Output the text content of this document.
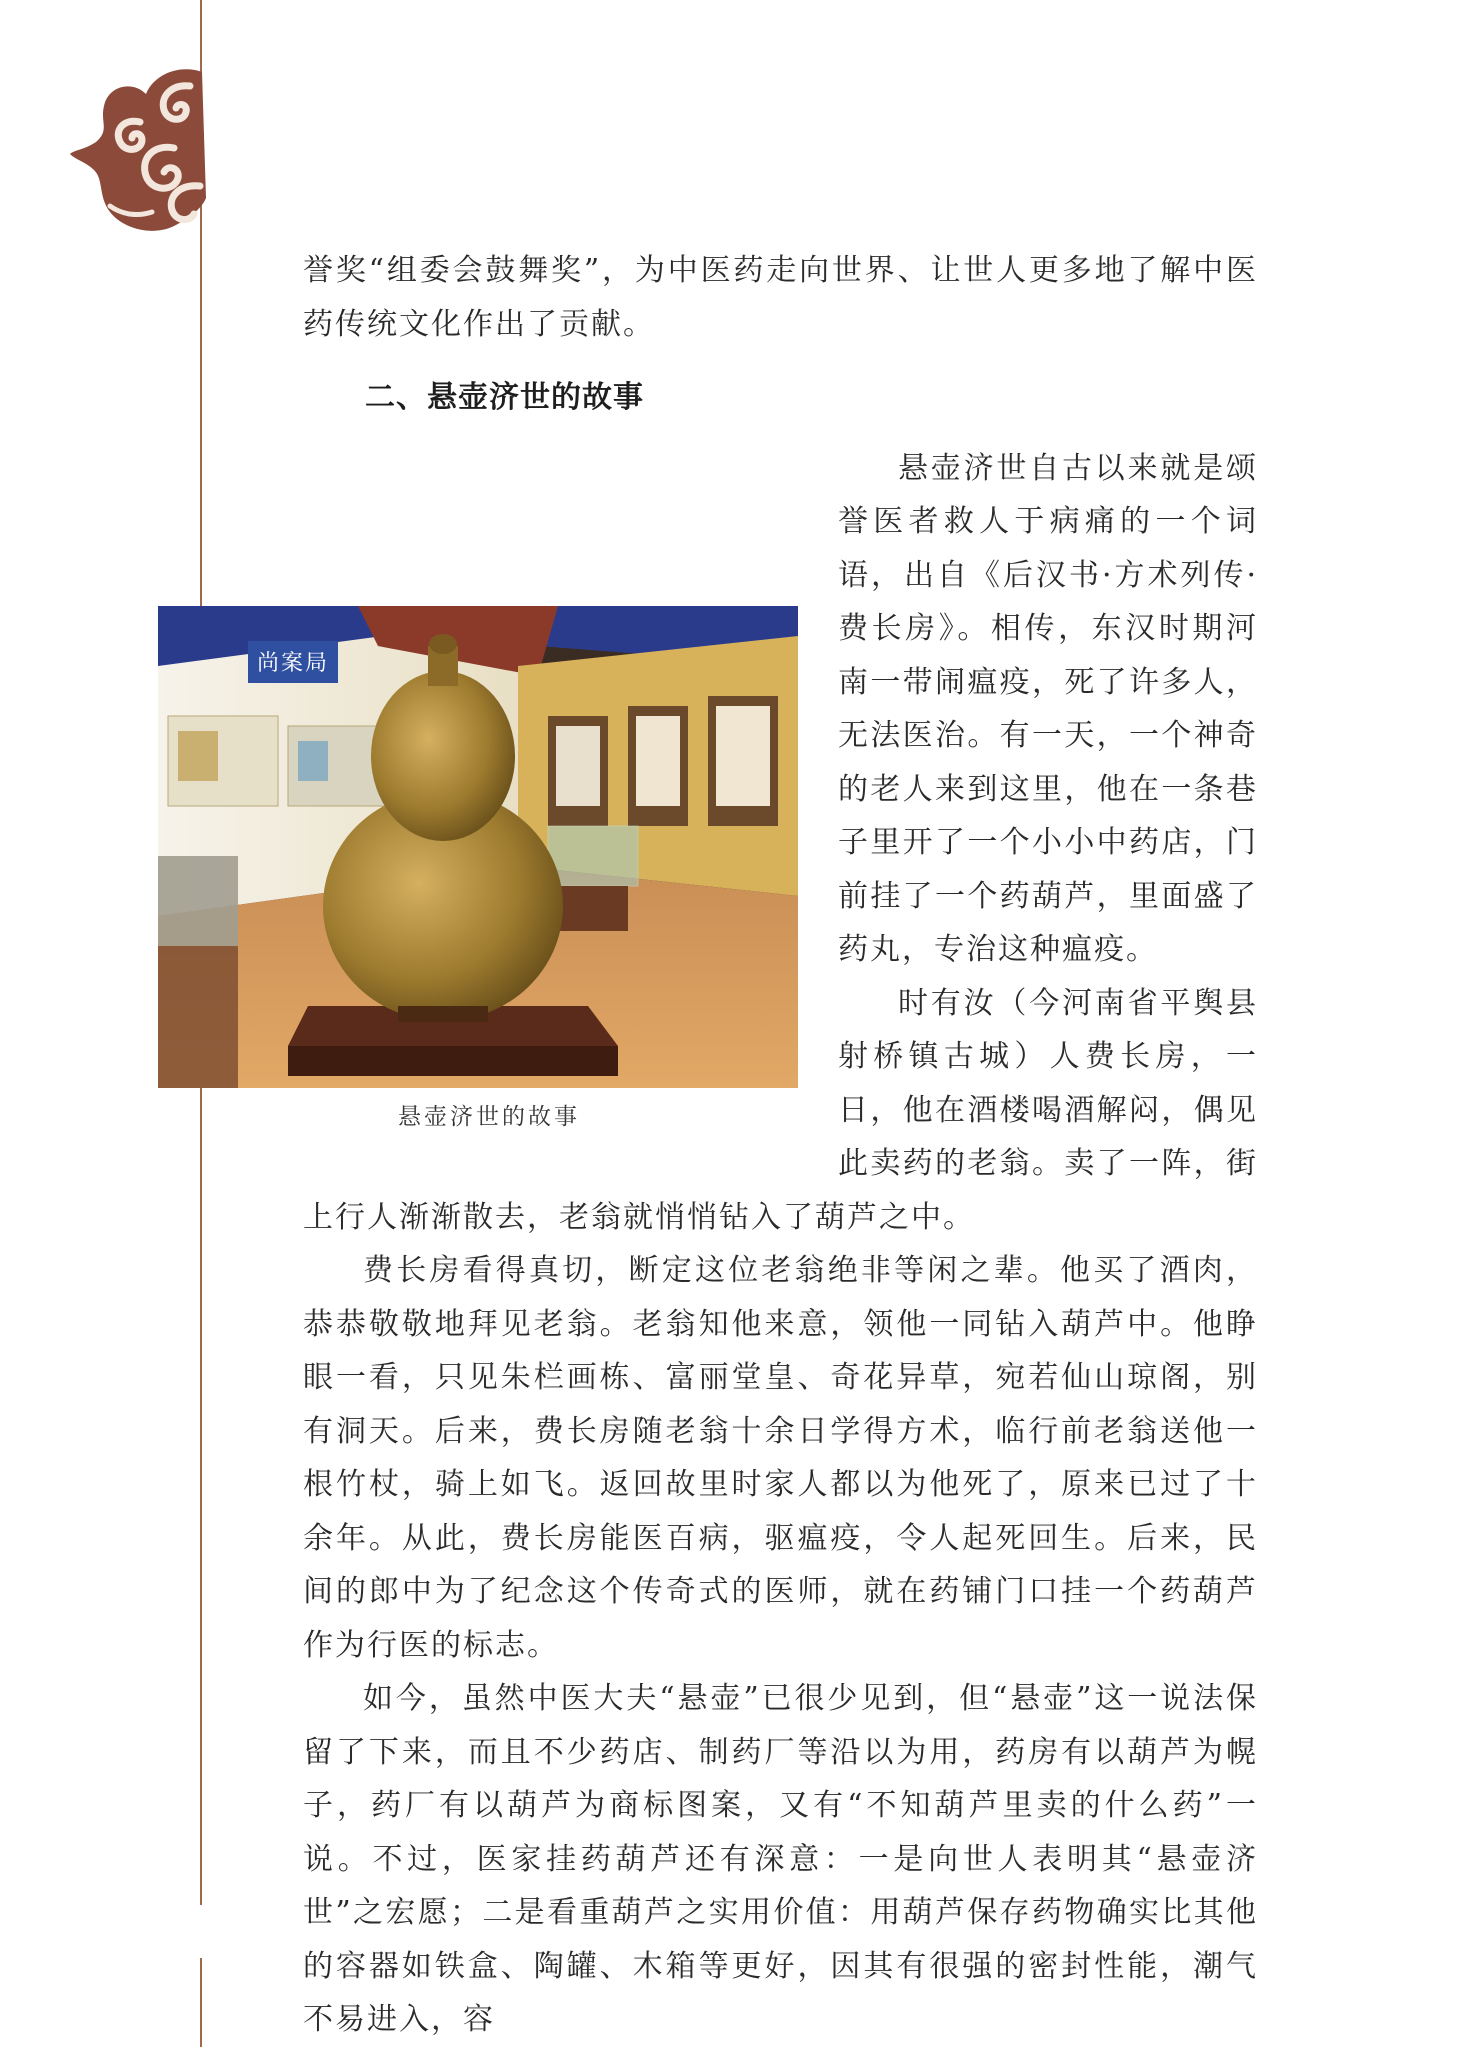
誉奖“组委会鼓舞奖”，为中医药走向世界、让世人更多地了解中医药传统文化作出了贡献。

二、悬壶济世的故事

尚案局
悬壶济世的故事
悬壶济世自古以来就是颂誉医者救人于病痛的一个词语，出自《后汉书·方术列传·费长房》。相传，东汉时期河南一带闹瘟疫，死了许多人，无法医治。有一天，一个神奇的老人来到这里，他在一条巷子里开了一个小小中药店，门前挂了一个药葫芦，里面盛了药丸，专治这种瘟疫。

时有汝（今河南省平舆县射桥镇古城）人费长房，一日，他在酒楼喝酒解闷，偶见此卖药的老翁。卖了一阵，街上行人渐渐散去，老翁就悄悄钻入了葫芦之中。

费长房看得真切，断定这位老翁绝非等闲之辈。他买了酒肉，恭恭敬敬地拜见老翁。老翁知他来意，领他一同钻入葫芦中。他睁眼一看，只见朱栏画栋、富丽堂皇、奇花异草，宛若仙山琼阁，别有洞天。后来，费长房随老翁十余日学得方术，临行前老翁送他一根竹杖，骑上如飞。返回故里时家人都以为他死了，原来已过了十余年。从此，费长房能医百病，驱瘟疫，令人起死回生。后来，民间的郎中为了纪念这个传奇式的医师，就在药铺门口挂一个药葫芦作为行医的标志。

如今，虽然中医大夫“悬壶”已很少见到，但“悬壶”这一说法保留了下来，而且不少药店、制药厂等沿以为用，药房有以葫芦为幌子，药厂有以葫芦为商标图案，又有“不知葫芦里卖的什么药”一说。不过，医家挂药葫芦还有深意：一是向世人表明其“悬壶济世”之宏愿；二是看重葫芦之实用价值：用葫芦保存药物确实比其他的容器如铁盒、陶罐、木箱等更好，因其有很强的密封性能，潮气不易进入，容
